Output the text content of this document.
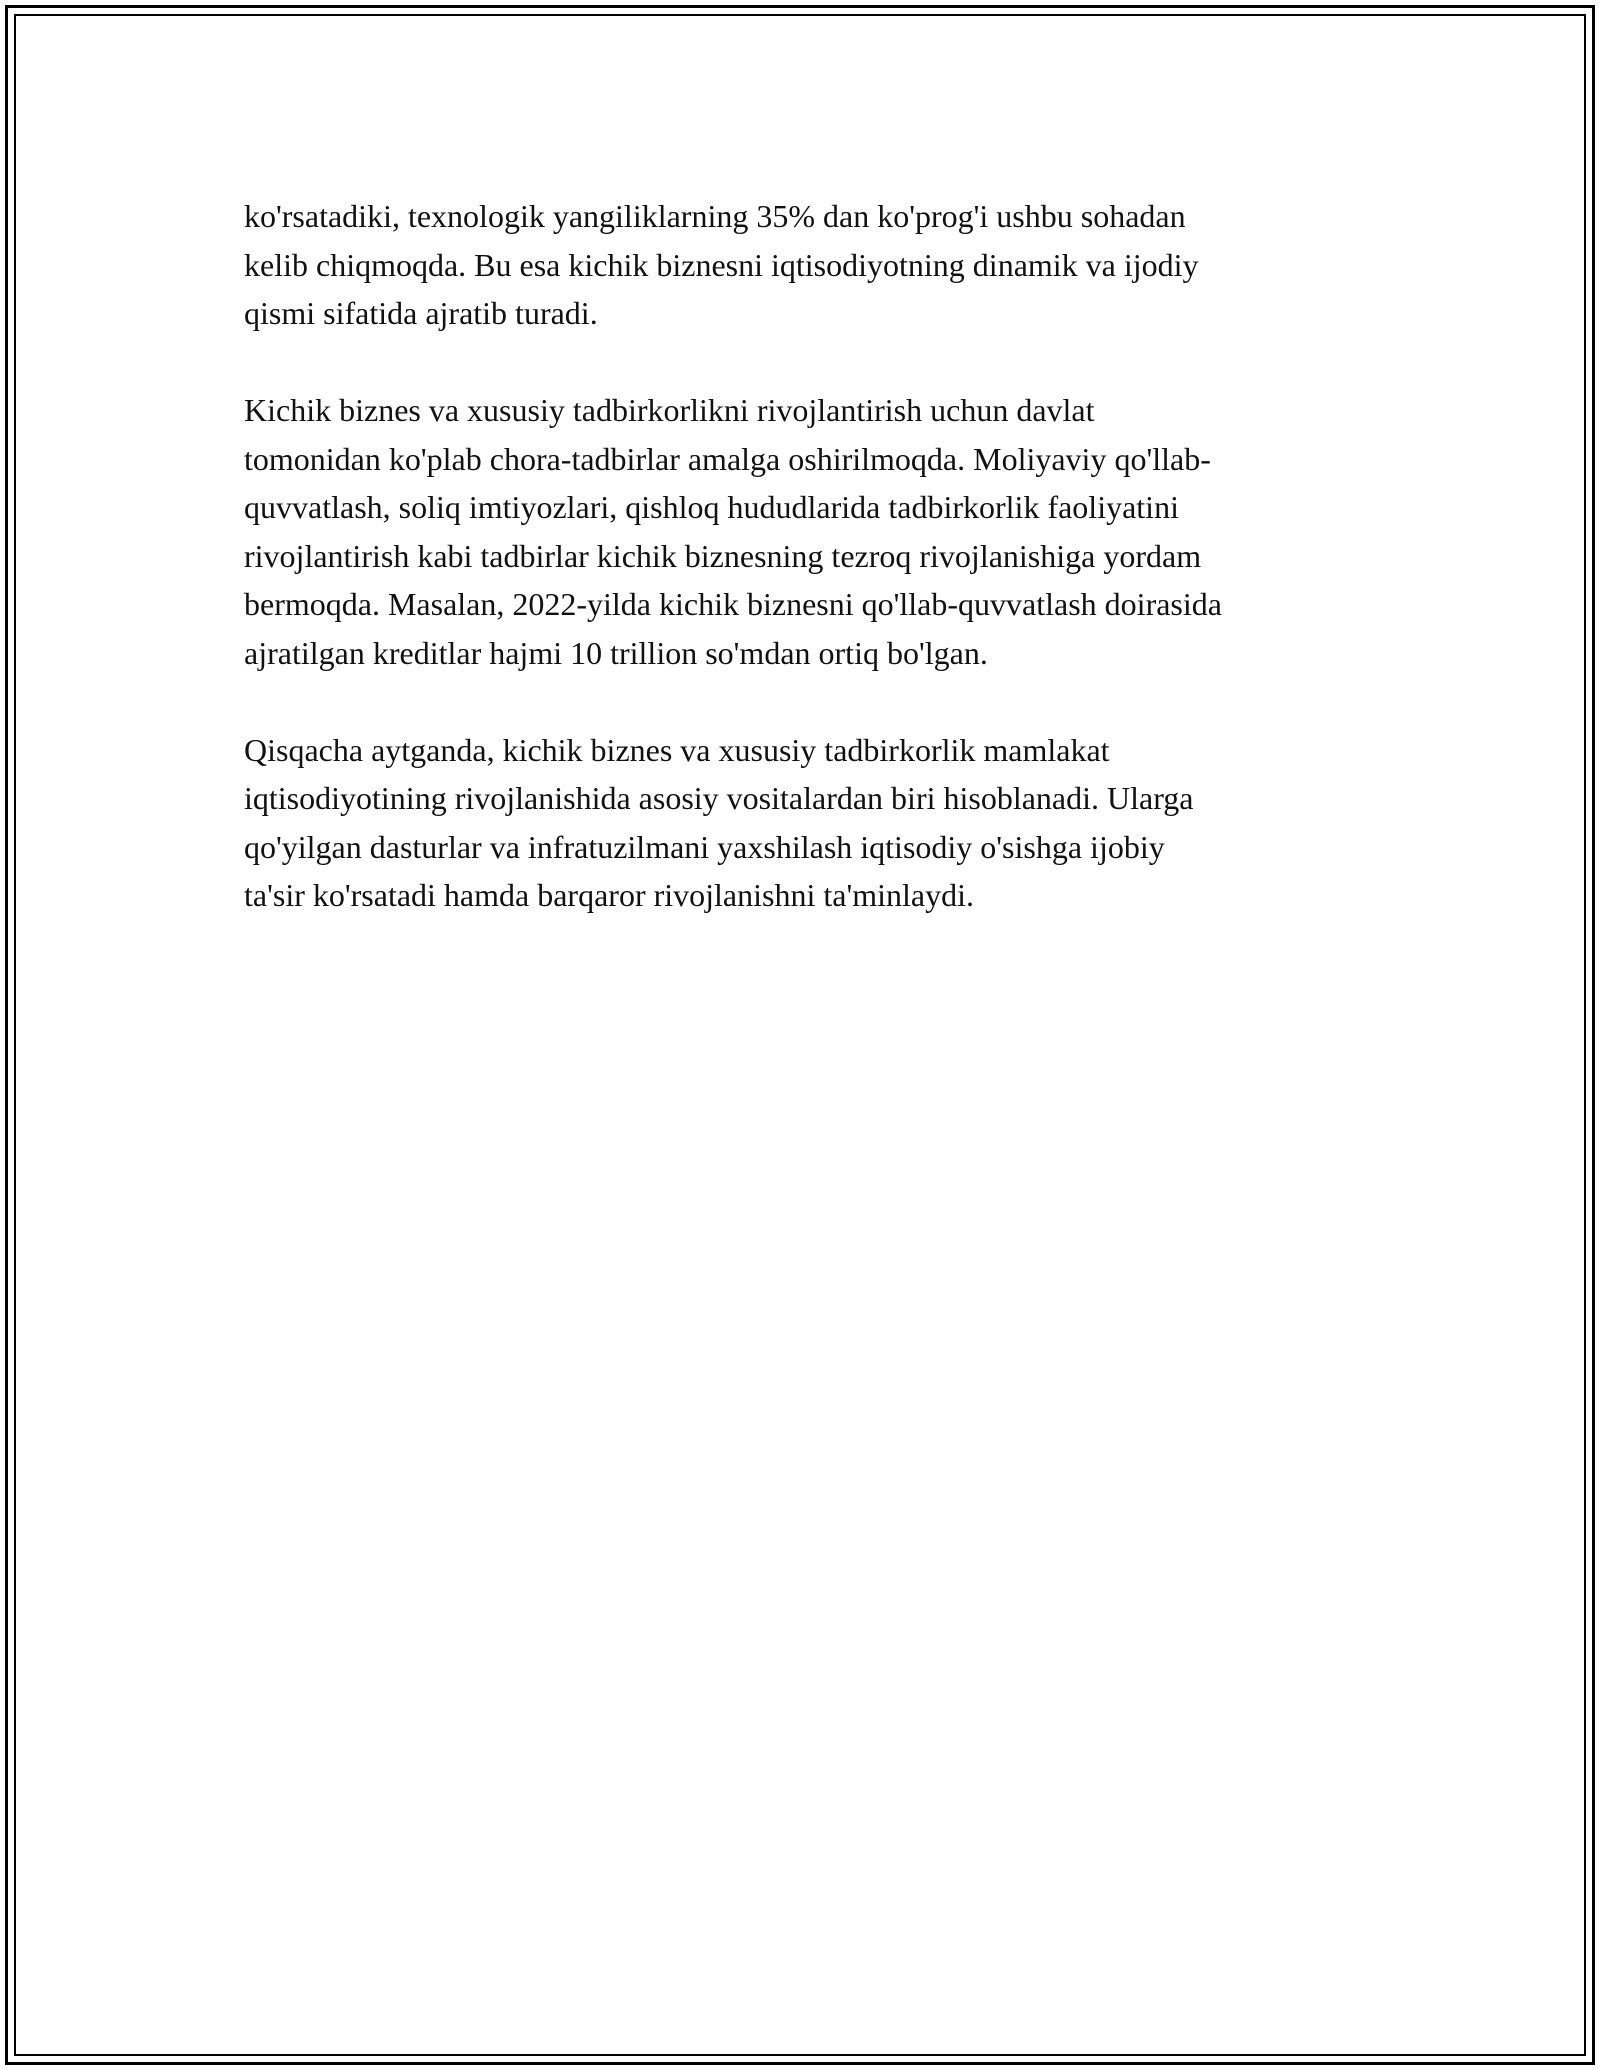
ko'rsatadiki, texnologik yangiliklarning 35% dan ko'prog'i ushbu sohadan
kelib chiqmoqda. Bu esa kichik biznesni iqtisodiyotning dinamik va ijodiy
qismi sifatida ajratib turadi.

Kichik biznes va xususiy tadbirkorlikni rivojlantirish uchun davlat
tomonidan ko'plab chora-tadbirlar amalga oshirilmoqda. Moliyaviy qo'llab-
quvvatlash, soliq imtiyozlari, qishloq hududlarida tadbirkorlik faoliyatini
rivojlantirish kabi tadbirlar kichik biznesning tezroq rivojlanishiga yordam
bermoqda. Masalan, 2022-yilda kichik biznesni qo'llab-quvvatlash doirasida
ajratilgan kreditlar hajmi 10 trillion so'mdan ortiq bo'lgan.

Qisqacha aytganda, kichik biznes va xususiy tadbirkorlik mamlakat
iqtisodiyotining rivojlanishida asosiy vositalardan biri hisoblanadi. Ularga
qo'yilgan dasturlar va infratuzilmani yaxshilash iqtisodiy o'sishga ijobiy
ta'sir ko'rsatadi hamda barqaror rivojlanishni ta'minlaydi.
